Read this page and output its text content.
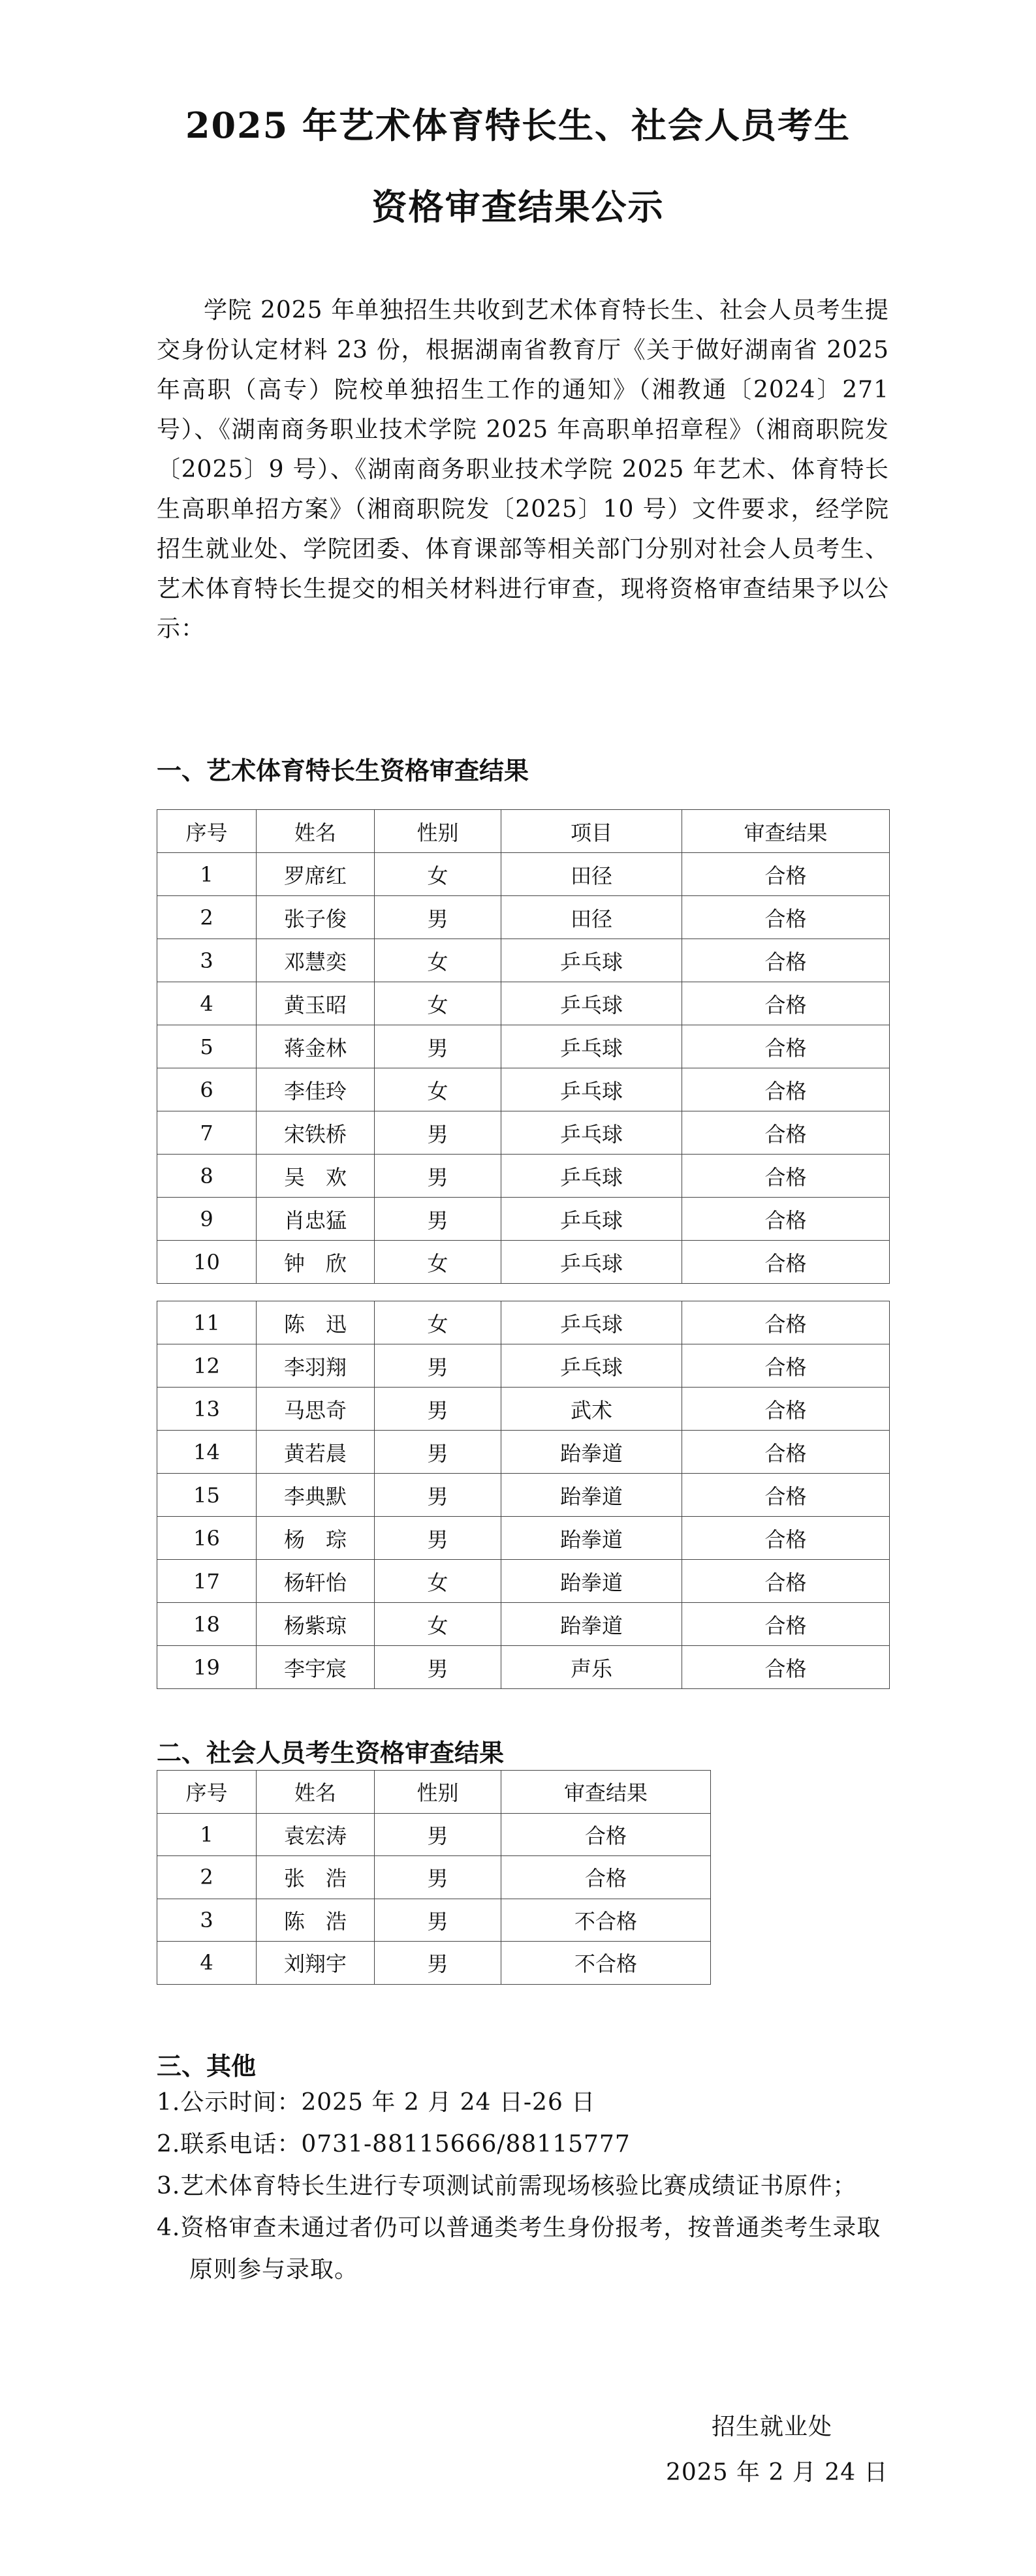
2025 年艺术体育特长生、社会人员考生
资格审查结果公示
学院 2025 年单独招生共收到艺术体育特长生、社会人员考生提交身份认定材料 23 份，根据湖南省教育厅《关于做好湖南省 2025 年高职（高专）院校单独招生工作的通知》（湘教通〔2024〕271 号）、《湖南商务职业技术学院 2025 年高职单招章程》（湘商职院发〔2025〕9 号）、《湖南商务职业技术学院 2025 年艺术、体育特长生高职单招方案》（湘商职院发〔2025〕10 号）文件要求，经学院招生就业处、学院团委、体育课部等相关部门分别对社会人员考生、艺术体育特长生提交的相关材料进行审查，现将资格审查结果予以公示：
一、艺术体育特长生资格审查结果
序号	姓名	性别	项目	审查结果
1	罗席红	女	田径	合格
2	张子俊	男	田径	合格
3	邓慧奕	女	乒乓球	合格
4	黄玉昭	女	乒乓球	合格
5	蒋金林	男	乒乓球	合格
6	李佳玲	女	乒乓球	合格
7	宋铁桥	男	乒乓球	合格
8	吴　欢	男	乒乓球	合格
9	肖忠猛	男	乒乓球	合格
10	钟　欣	女	乒乓球	合格
11	陈　迅	女	乒乓球	合格
12	李羽翔	男	乒乓球	合格
13	马思奇	男	武术	合格
14	黄若晨	男	跆拳道	合格
15	李典默	男	跆拳道	合格
16	杨　琮	男	跆拳道	合格
17	杨轩怡	女	跆拳道	合格
18	杨紫琼	女	跆拳道	合格
19	李宇宸	男	声乐	合格
二、社会人员考生资格审查结果
序号	姓名	性别	审查结果
1	袁宏涛	男	合格
2	张　浩	男	合格
3	陈　浩	男	不合格
4	刘翔宇	男	不合格
三、其他
1.公示时间：2025 年 2 月 24 日-26 日
2.联系电话：0731-88115666/88115777
3.艺术体育特长生进行专项测试前需现场核验比赛成绩证书原件；
4.资格审查未通过者仍可以普通类考生身份报考，按普通类考生录取原则参与录取。
招生就业处
2025 年 2 月 24 日
